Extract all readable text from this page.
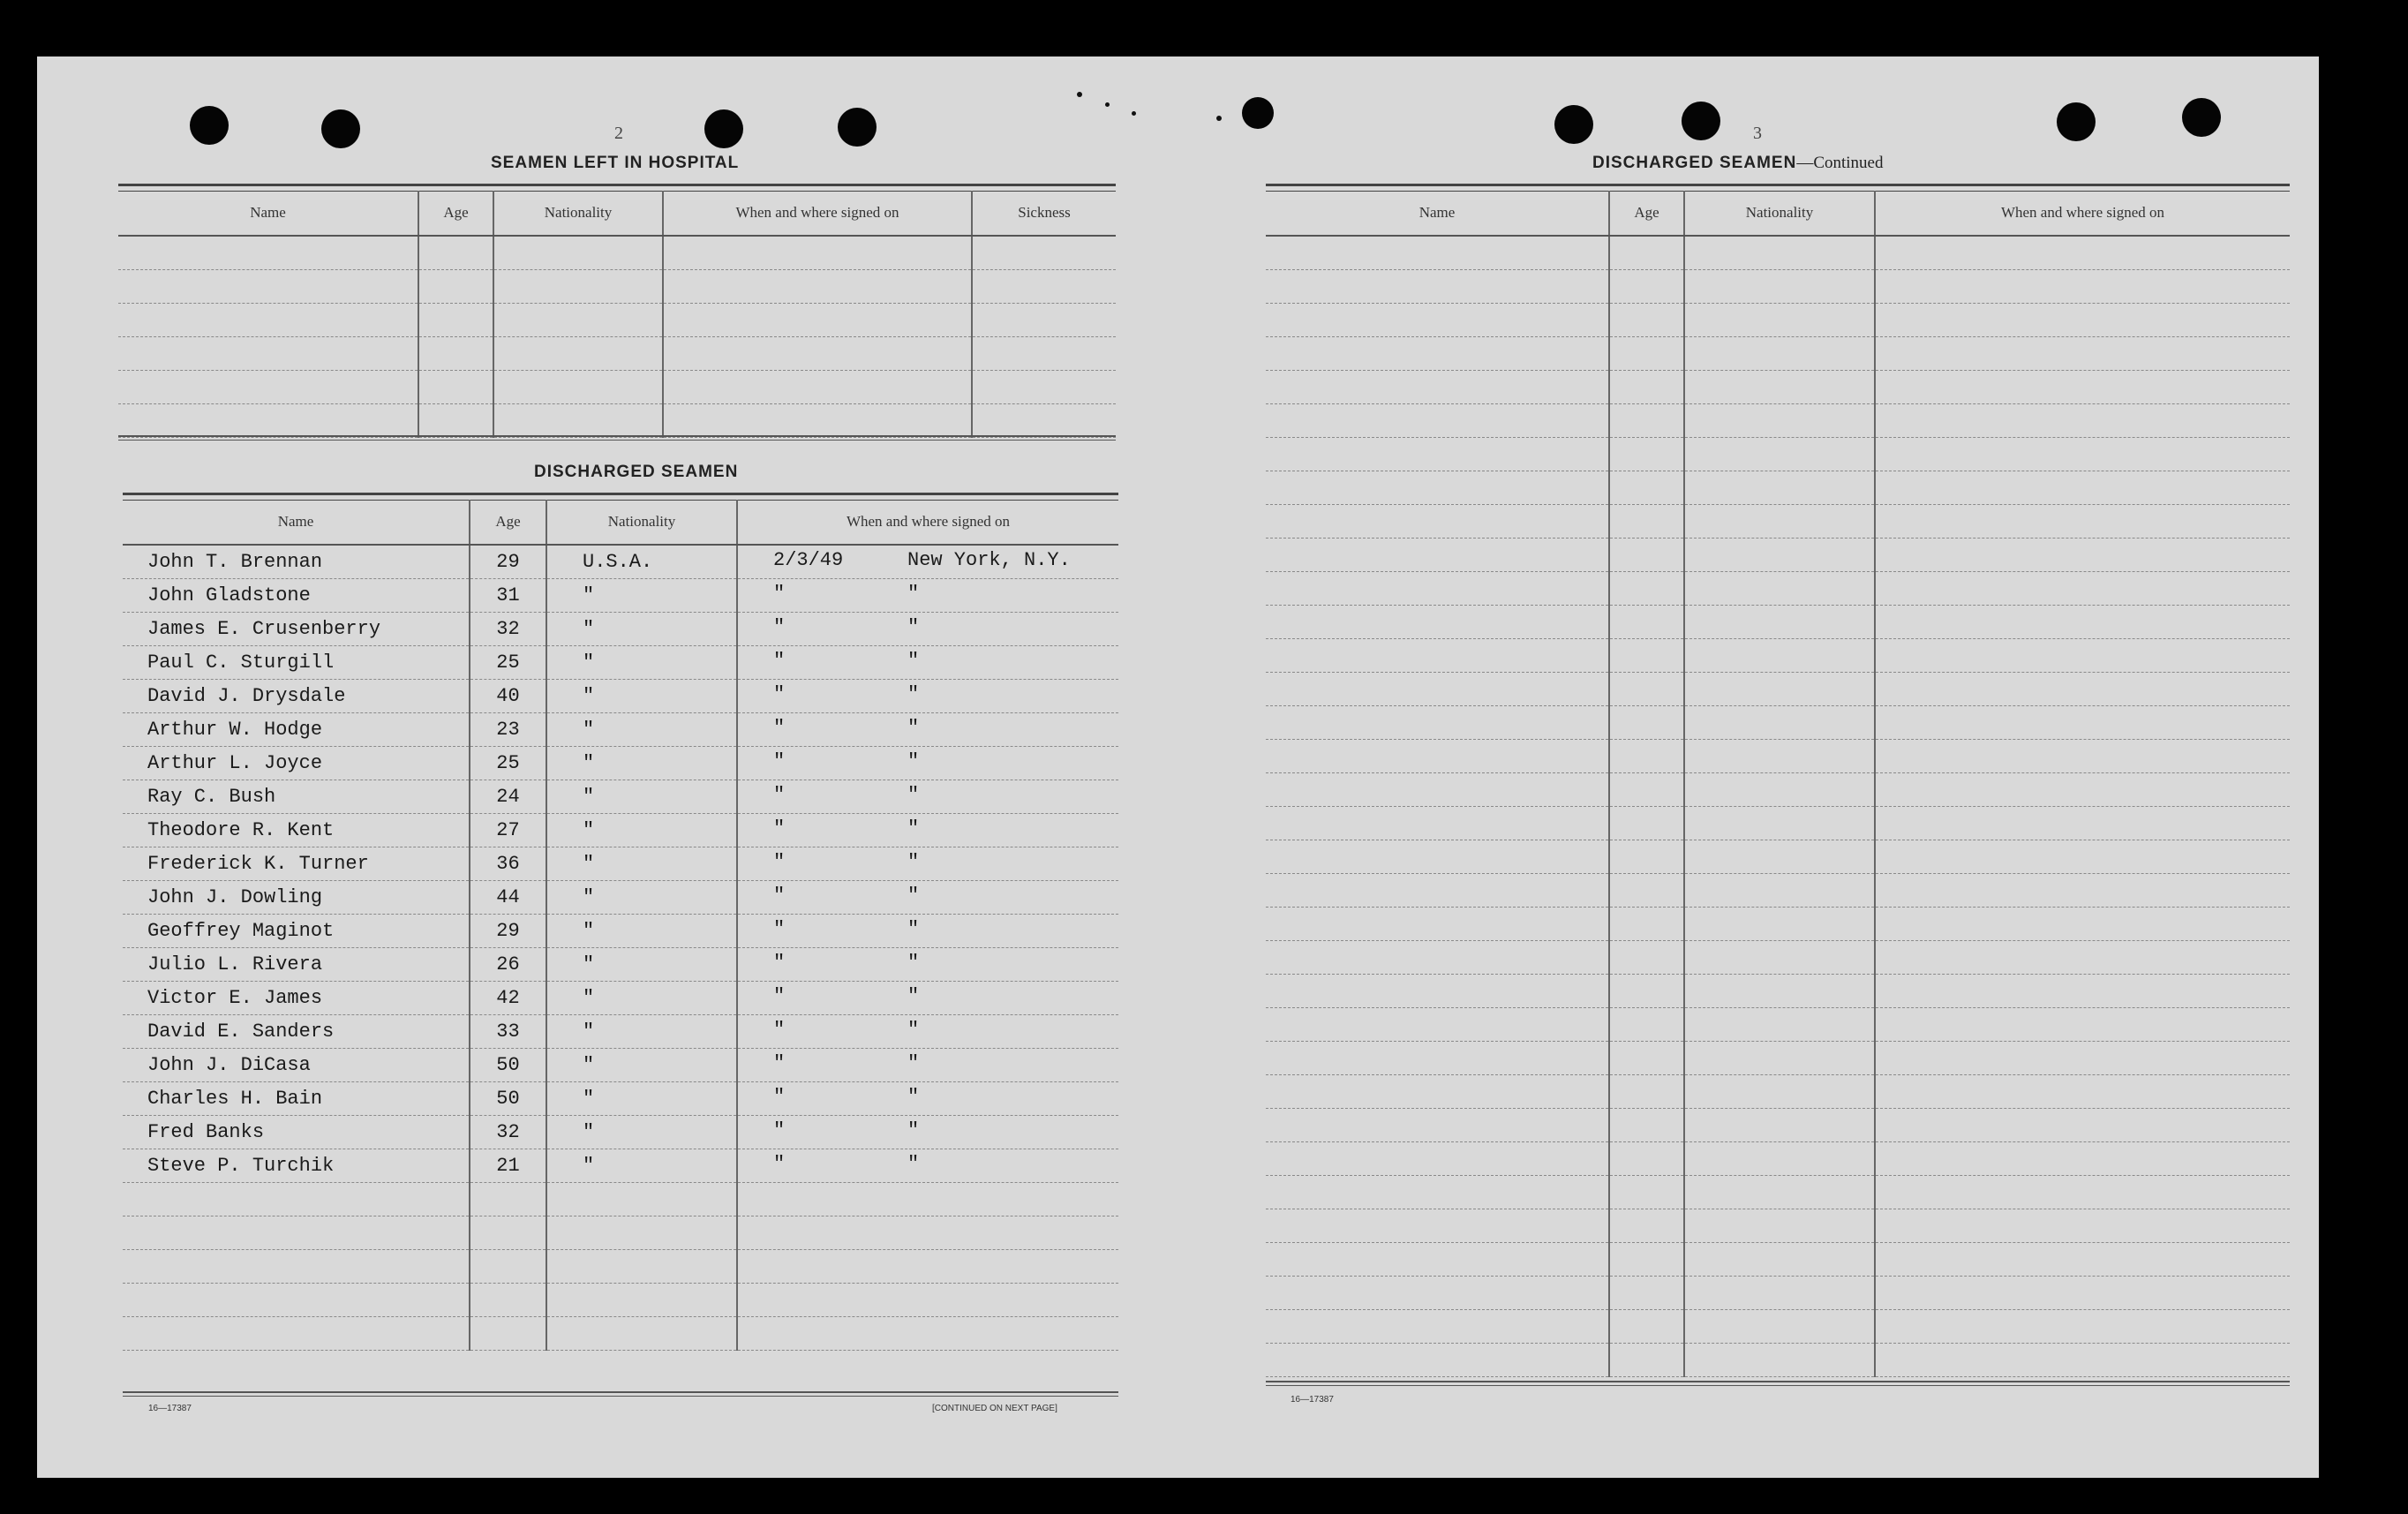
2
SEAMEN LEFT IN HOSPITAL
Name	Age	Nationality	When and where signed on	Sickness

DISCHARGED SEAMEN
Name	Age	Nationality	When and where signed on
John T. Brennan	29	U.S.A.	2/3/49 New York, N.Y.

John Gladstone	31	"	" "

James E. Crusenberry	32	"	" "

Paul C. Sturgill	25	"	" "

David J. Drysdale	40	"	" "

Arthur W. Hodge	23	"	" "

Arthur L. Joyce	25	"	" "

Ray C. Bush	24	"	" "

Theodore R. Kent	27	"	" "

Frederick K. Turner	36	"	" "

John J. Dowling	44	"	" "

Geoffrey Maginot	29	"	" "

Julio L. Rivera	26	"	" "

Victor E. James	42	"	" "

David E. Sanders	33	"	" "

John J. DiCasa	50	"	" "

Charles H. Bain	50	"	" "

Fred Banks	32	"	" "

Steve P. Turchik	21	"	" "

16—17387	[CONTINUED ON NEXT PAGE]
3
DISCHARGED SEAMEN—Continued
Name	Age	Nationality	When and where signed on

16—17387
